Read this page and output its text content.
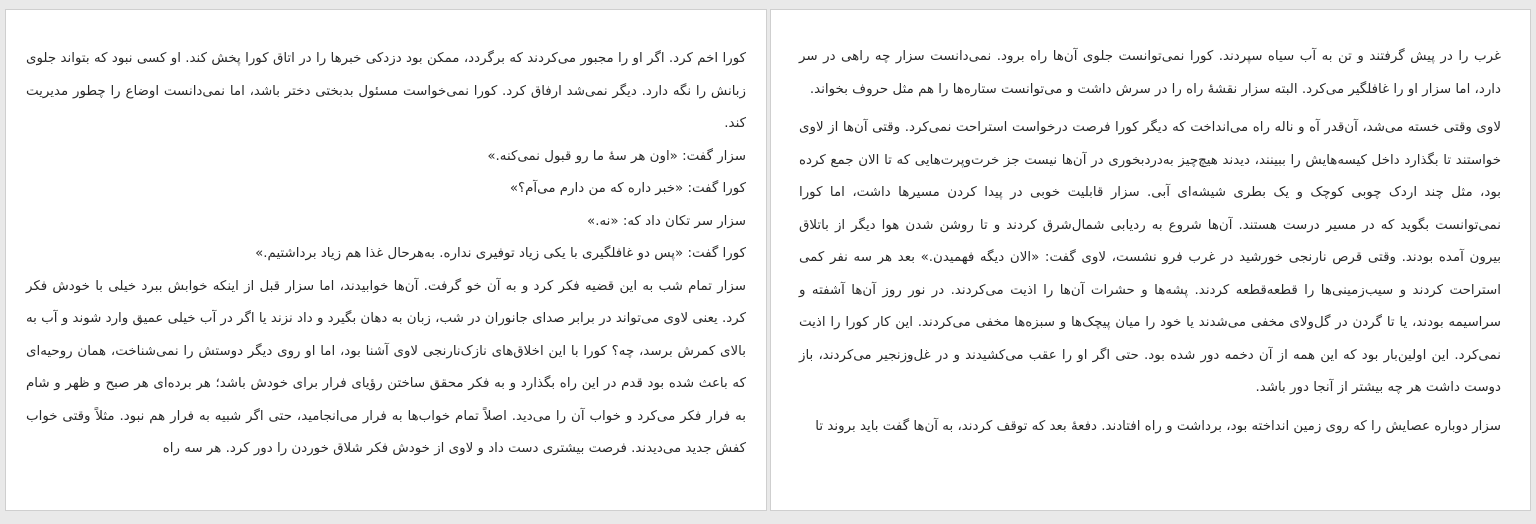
کورا اخم کرد. اگر او را مجبور می‌کردند که برگردد، ممکن بود دزدکی خبرها را در اتاق کورا پخش کند. او کسی نبود که بتواند جلوی زبانش را نگه دارد. دیگر نمی‌شد ارفاق کرد. کورا نمی‌خواست مسئول بدبختی دختر باشد، اما نمی‌دانست اوضاع را چطور مدیریت کند.

سزار گفت: «اون هر سهٔ ما رو قبول نمی‌کنه.»

کورا گفت: «خبر داره که من دارم می‌آم؟»

سزار سر تکان داد که: «نه.»

کورا گفت: «پس دو غافلگیری با یکی زیاد توفیری نداره. به‌هرحال غذا هم زیاد برداشتیم.»

سزار تمام شب به این قضیه فکر کرد و به آن خو گرفت. آن‌ها خوابیدند، اما سزار قبل از اینکه خوابش ببرد خیلی با خودش فکر کرد. یعنی لاوی می‌تواند در برابر صدای جانوران در شب، زبان به دهان بگیرد و داد نزند یا اگر در آب خیلی عمیق وارد شوند و آب به بالای کمرش برسد، چه؟ کورا با این اخلاق‌های نازک‌نارنجی لاوی آشنا بود، اما او روی دیگر دوستش را نمی‌شناخت، همان روحیه‌ای که باعث شده بود قدم در این راه بگذارد و به فکر محقق ساختن رؤیای فرار برای خودش باشد؛ هر برده‌ای هر صبح و ظهر و شام به فرار فکر می‌کرد و خواب آن را می‌دید. اصلاً تمام خواب‌ها به فرار می‌انجامید، حتی اگر شبیه به فرار هم نبود. مثلاً وقتی خواب کفش جدید می‌دیدند. فرصت بیشتری دست داد و لاوی از خودش فکر شلاق خوردن را دور کرد. هر سه راه

غرب را در پیش گرفتند و تن به آب سیاه سپردند. کورا نمی‌توانست جلوی آن‌ها راه برود. نمی‌دانست سزار چه راهی در سر دارد، اما سزار او را غافلگیر می‌کرد. البته سزار نقشهٔ راه را در سرش داشت و می‌توانست ستاره‌ها را هم مثل حروف بخواند.

لاوی وقتی خسته می‌شد، آن‌قدر آه و ناله راه می‌انداخت که دیگر کورا فرصت درخواست استراحت نمی‌کرد. وقتی آن‌ها از لاوی خواستند تا بگذارد داخل کیسه‌هایش را ببینند، دیدند هیچ‌چیز به‌دردبخوری در آن‌ها نیست جز خرت‌وپرت‌هایی که تا الان جمع کرده بود، مثل چند اردک چوبی کوچک و یک بطری شیشه‌ای آبی. سزار قابلیت خوبی در پیدا کردن مسیرها داشت، اما کورا نمی‌توانست بگوید که در مسیر درست هستند. آن‌ها شروع به ردیابی شمال‌شرق کردند و تا روشن شدن هوا دیگر از باتلاق بیرون آمده بودند. وقتی قرص نارنجی خورشید در غرب فرو نشست، لاوی گفت: «الان دیگه فهمیدن.» بعد هر سه نفر کمی استراحت کردند و سیب‌زمینی‌ها را قطعه‌قطعه کردند. پشه‌ها و حشرات آن‌ها را اذیت می‌کردند. در نور روز آن‌ها آشفته و سراسیمه بودند، یا تا گردن در گل‌ولای مخفی می‌شدند یا خود را میان پیچک‌ها و سبزه‌ها مخفی می‌کردند. این کار کورا را اذیت نمی‌کرد. این اولین‌بار بود که این همه از آن دخمه دور شده بود. حتی اگر او را عقب می‌کشیدند و در غل‌وزنجیر می‌کردند، باز دوست داشت هر چه بیشتر از آنجا دور باشد.

سزار دوباره عصایش را که روی زمین انداخته بود، برداشت و راه افتادند. دفعهٔ بعد که توقف کردند، به آن‌ها گفت باید بروند تا
